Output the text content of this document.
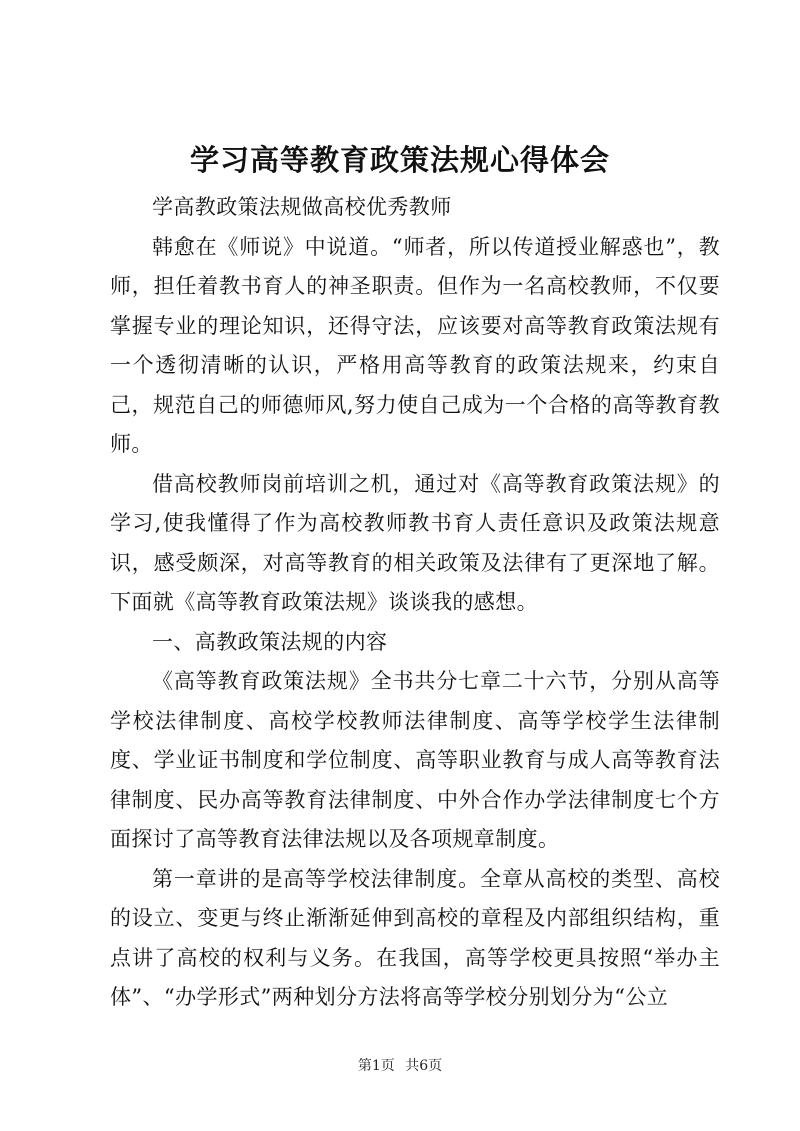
学习高等教育政策法规心得体会

学高教政策法规做高校优秀教师

韩愈在《师说》中说道。“师者，所以传道授业解惑也”，教师，担任着教书育人的神圣职责。但作为一名高校教师，不仅要掌握专业的理论知识，还得守法，应该要对高等教育政策法规有一个透彻清晰的认识，严格用高等教育的政策法规来，约束自己，规范自己的师德师风,努力使自己成为一个合格的高等教育教师。

借高校教师岗前培训之机，通过对《高等教育政策法规》的学习,使我懂得了作为高校教师教书育人责任意识及政策法规意识，感受颇深，对高等教育的相关政策及法律有了更深地了解。下面就《高等教育政策法规》谈谈我的感想。

一、高教政策法规的内容

《高等教育政策法规》全书共分七章二十六节，分别从高等学校法律制度、高校学校教师法律制度、高等学校学生法律制度、学业证书制度和学位制度、高等职业教育与成人高等教育法律制度、民办高等教育法律制度、中外合作办学法律制度七个方面探讨了高等教育法律法规以及各项规章制度。

第一章讲的是高等学校法律制度。全章从高校的类型、高校的设立、变更与终止渐渐延伸到高校的章程及内部组织结构，重点讲了高校的权利与义务。在我国，高等学校更具按照“举办主体”、“办学形式”两种划分方法将高等学校分别划分为“公立

第1页 共6页
